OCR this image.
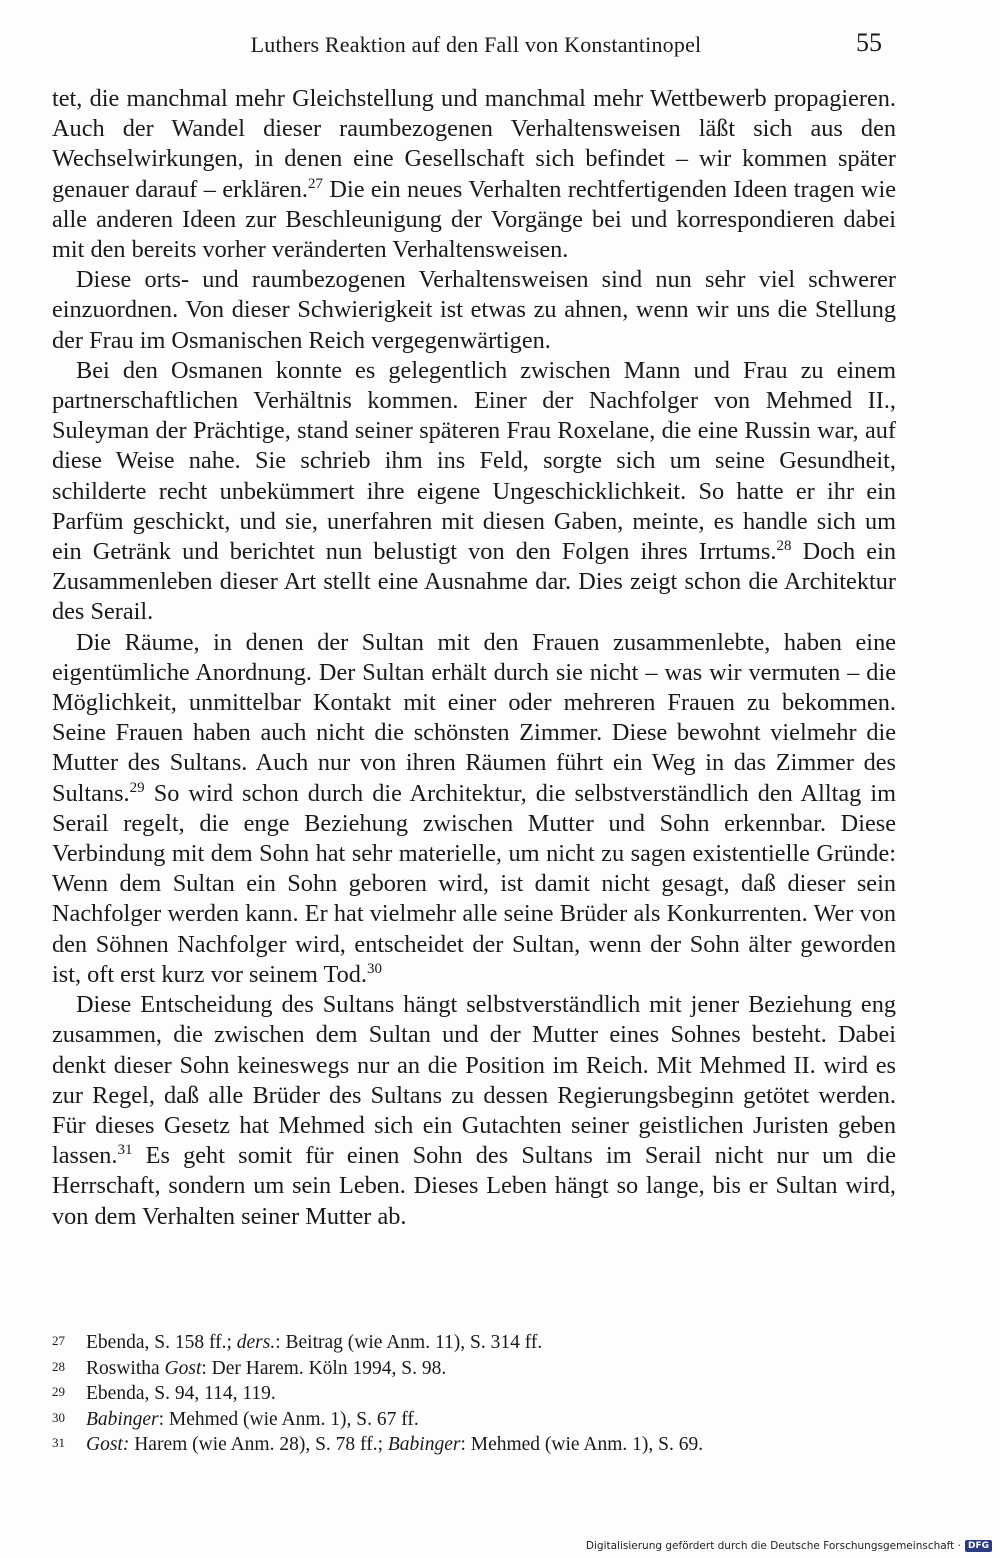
Luthers Reaktion auf den Fall von Konstantinopel	55

tet, die manchmal mehr Gleichstellung und manchmal mehr Wettbewerb propagieren. Auch der Wandel dieser raumbezogenen Verhaltensweisen läßt sich aus den Wechselwirkungen, in denen eine Gesellschaft sich befindet – wir kommen später genauer darauf – erklären.$^{27}$ Die ein neues Verhalten rechtfertigenden Ideen tragen wie alle anderen Ideen zur Beschleunigung der Vorgänge bei und korrespondieren dabei mit den bereits vorher veränderten Verhaltensweisen.

Diese orts- und raumbezogenen Verhaltensweisen sind nun sehr viel schwerer einzuordnen. Von dieser Schwierigkeit ist etwas zu ahnen, wenn wir uns die Stellung der Frau im Osmanischen Reich vergegenwärtigen.

Bei den Osmanen konnte es gelegentlich zwischen Mann und Frau zu einem partnerschaftlichen Verhältnis kommen. Einer der Nachfolger von Mehmed II., Suleyman der Prächtige, stand seiner späteren Frau Roxelane, die eine Russin war, auf diese Weise nahe. Sie schrieb ihm ins Feld, sorgte sich um seine Gesundheit, schilderte recht unbekümmert ihre eigene Ungeschicklichkeit. So hatte er ihr ein Parfüm geschickt, und sie, unerfahren mit diesen Gaben, meinte, es handle sich um ein Getränk und berichtet nun belustigt von den Folgen ihres Irrtums.$^{28}$ Doch ein Zusammenleben dieser Art stellt eine Ausnahme dar. Dies zeigt schon die Architektur des Serail.

Die Räume, in denen der Sultan mit den Frauen zusammenlebte, haben eine eigentümliche Anordnung. Der Sultan erhält durch sie nicht – was wir vermuten – die Möglichkeit, unmittelbar Kontakt mit einer oder mehreren Frauen zu bekommen. Seine Frauen haben auch nicht die schönsten Zimmer. Diese bewohnt vielmehr die Mutter des Sultans. Auch nur von ihren Räumen führt ein Weg in das Zimmer des Sultans.$^{29}$ So wird schon durch die Architektur, die selbstverständlich den Alltag im Serail regelt, die enge Beziehung zwischen Mutter und Sohn erkennbar. Diese Verbindung mit dem Sohn hat sehr materielle, um nicht zu sagen existentielle Gründe: Wenn dem Sultan ein Sohn geboren wird, ist damit nicht gesagt, daß dieser sein Nachfolger werden kann. Er hat vielmehr alle seine Brüder als Konkurrenten. Wer von den Söhnen Nachfolger wird, entscheidet der Sultan, wenn der Sohn älter geworden ist, oft erst kurz vor seinem Tod.$^{30}$

Diese Entscheidung des Sultans hängt selbstverständlich mit jener Beziehung eng zusammen, die zwischen dem Sultan und der Mutter eines Sohnes besteht. Dabei denkt dieser Sohn keineswegs nur an die Position im Reich. Mit Mehmed II. wird es zur Regel, daß alle Brüder des Sultans zu dessen Regierungsbeginn getötet werden. Für dieses Gesetz hat Mehmed sich ein Gutachten seiner geistlichen Juristen geben lassen.$^{31}$ Es geht somit für einen Sohn des Sultans im Serail nicht nur um die Herrschaft, sondern um sein Leben. Dieses Leben hängt so lange, bis er Sultan wird, von dem Verhalten seiner Mutter ab.

27 Ebenda, S. 158 ff.; ders.: Beitrag (wie Anm. 11), S. 314 ff.

28 Roswitha Gost: Der Harem. Köln 1994, S. 98.

29 Ebenda, S. 94, 114, 119.

30 Babinger: Mehmed (wie Anm. 1), S. 67 ff.

31 Gost: Harem (wie Anm. 28), S. 78 ff.; Babinger: Mehmed (wie Anm. 1), S. 69.

Digitalisierung gefördert durch die Deutsche Forschungsgemeinschaft · DFG
